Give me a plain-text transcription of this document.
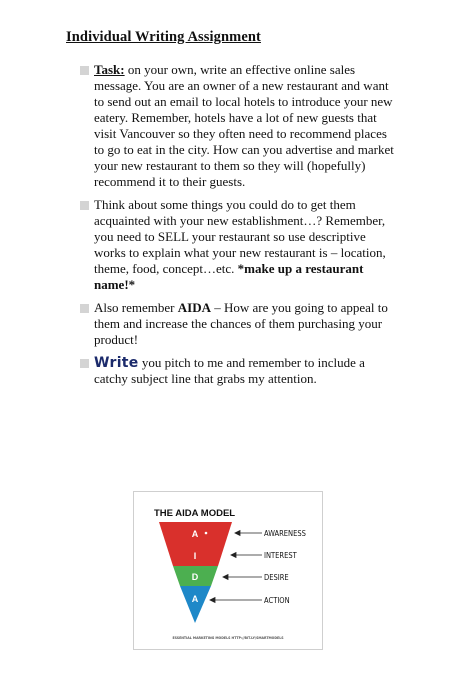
Individual Writing Assignment
Task: on your own, write an effective online sales message. You are an owner of a new restaurant and want to send out an email to local hotels to introduce your new eatery. Remember, hotels have a lot of new guests that visit Vancouver so they often need to recommend places to go to eat in the city. How can you advertise and market your new restaurant to them so they will (hopefully) recommend it to their guests.
Think about some things you could do to get them acquainted with your new establishment…? Remember, you need to SELL your restaurant so use descriptive works to explain what your new restaurant is – location, theme, food, concept…etc. *make up a restaurant name!*
Also remember AIDA – How are you going to appeal to them and increase the chances of them purchasing your product!
Write you pitch to me and remember to include a catchy subject line that grabs my attention.
THE AIDA MODEL
A
I
D
A
AWARENESS
INTEREST
DESIRE
ACTION
ESSENTIAL MARKETING MODELS HTTP://BIT.LY/SMARTMODELS
